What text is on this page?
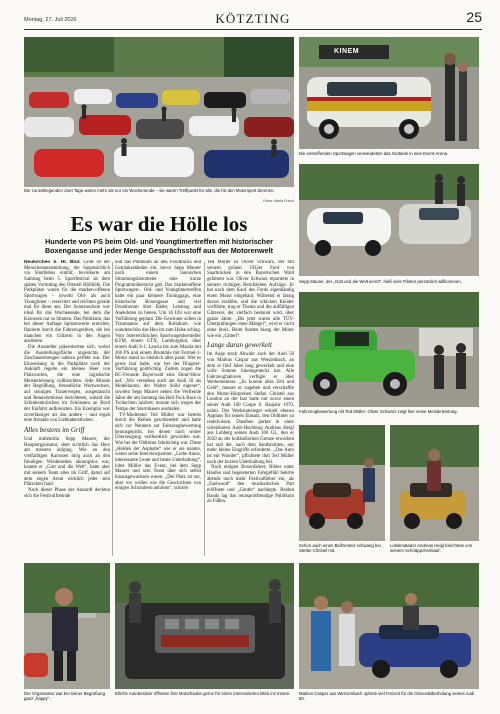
Montag, 27. Juli 2026	KÖTZTING	25
Die zurückliegenden zwei Tage waren mehr als nur ein Wochenende – sie waren Treffpunkt für alle, die für den Motorsport brennen.
Fotos: Maria Frisch
KINEM
Die eintreffenden Sportwagen verwandelten das Gelände in eine Event-Arena.
Sepp Maurer, der „Gott und die Welt kennt“, hieß viele Piloten persönlich willkommen.
Fahrzeugbewertung mit Ted Müller: Oliver Schwarz zeigt hier seine Meisterleistung.
Schon auch einen Beifzenteiz schwang bei Stefan Christel mit.
Lokalmatador Andreas Heigl berichtete von seinem Schnäppchenkauf.
Der Organisator war bei seiner Begrüßung ganz „happy“.
Etliche Autobesitzer öffneten ihre Motorhaube gerne für einen interessierten Blick ins Innere.	Markus Caspar aus Wenzenbach opferte viel Freizeit für die Generalüberholung seines Audi 50.
Es war die Hölle los
Hunderte von PS beim Old- und Youngtimertreffen mit historischer Boxengasse und jeder Menge Gesprächsstoff aus der Motorenwelt

Neukirchen b. Hl. Blut. Groß ist der Menschenansammlung, die hauptsächlich via Shuttlebus einträf, bevölkerte am Samstag beim 5. Sportfestival ab dem späten Vormittag den Ortsteil Höllhöfe. Die Parkplätze waren für die marken-offenen Sportwagen – sowohl Old- als auch Youngtimer – reserviert und reichten gerade mal für diese aus. Der Sonnenschein war ideal für das Wochenende, bei dem die Karossen nur so blitzten. Das Publikum, das bei dieser Auflage Spitzenwerte erreichte, flanierte durch die Fahrzeugreihen, die bei manchen ein Glitzern in den Augen auslösten.

Die Aussteller präsentierten sich, wobei die Ausstellungsfläche angesichts der Zuschauermengen nahezu perfekt war. Der Einweisung in die Parkplätze nach der Ankunft regelte ein kleines Heer von Platzwarten, die eine logistische Meisterleistung vollbrachten. Jede Minute der Begrüßung, freundliche Wortwechsel, auf sonnigen Trauerwegen, ausgetauscht und Rennerlebnisse berichteten, sobald die Schinkenbrötchen im Schönsten an Bord der Einfahrt aufkreuzten. Ein Exemplar war zuverlässiger als das andere – und ergab eine Armada von Liebhaberstücken.

Alles bestens im Griff

Und mittendrin Sepp Maurer, der Hauptorganisator, dem sichtlich das Herz am meisten aufging. Wie an den vielfarbigen Karossen hing auch an den freudigen Wiedersehen ahnungslos war, kannte er „Gott und die Welt“, hatte aber mit seinem Team alles im Griff, damit auf dem engen Areal wirklich jeder sein Plätzchen fand.

Nach dieser Phase der Ankunft deckten sich die Festivalfreunde

und das Publikum an den Foodtrucks und Getränkeständen ein, bevor Sepp Maurer nach einem launischen Stimmungsbarometer eine kurze Programmübersicht gab. Das markenoffene Sportwagen-, Old- und Youngtimertreffen hatte ein paar kleinere Tuninggags, eine historische Boxengasse und viel Drumherum über Räder, Leistung und Anekdoten zu bieten. Um 16 Uhr war eine Vorführung geplant. Die Gewinner sollen in Traumautos auf dem Rollaltare, wie wunderschön das Heu im zum Halse schlug. Vom österreichischen Sportwagenhersteller KTM, einem GTX, Lamborghini, über einem Audi S-1, Lancia bis zum Mazda mit 266 PS und einem Brummle mit Formel-1-Motor stand so ziemlich alles parat. Wer es gerne laut halte, war bei der Dragster-Vorführung goldrichtig. Zudem zogen die BC-Freunde Bayerwald eine Stunt-Show auf. „Wir verstehen auch am Audi 50 als Modellautos, der Walter Stöhl eigener“, sowieto Sepp Maurer neben die Verfrende Jahre der am Sonntag das Rell Fuck Race in Tschechien initiiert; musste sich wegen der Tempo der Sturmhasen ausmalen.

TV-Moderator Ted Müller war bereits durch die Reihen geschlendert und hatte sich vor Nennten zur Fahrzeugbewertung herausgepickt, bei denen nach seiner Überzeugung verdientlich geworden war. Wie bei der Oldtimer fahrtüchtig war. Diese „Helden der Asphalte“ wie er sie nannte, waren seine Interviewpartner. „Liebe Autos, interessante Leute und heute Unterhaltung“, lobte Müller das Event, bei dem Sepp Maurer und sein Team über sich selbst hinausgewachsen waren. „Der Platz ist nur, aber wir wollen uns die Geschichten von einigen Schraubern anhören“, schrieb

Ted Müller zu Oliver Schwarz, der mit seinem grünen 1932er Ford von Saarbrücken in den Bayerischen Wald gefahren war. Oliver Schwarz reparierte in seinem richtigen Berufsleben Aufzüge. Er hat nach dem Kauf des Fords eigenhändig einen Motor eingebaut. Während er lässig davon erzählte, und die schicken Kleider vorführte, trug er Thema und die auffälligen Glitzerei, der vielfach bestaunt wird, über ganze Jahre. „Bis jetzt waren alle TÜV-Überprüfungen ohne Mängel“, wird er nicht ohne Stolz. Beim Starten klang der Motor wie ein „Gitterl“.

Lange daran gewerkelt

Im Auge stach Abwahr auch der Audi 50 von Markus Caspar aus Wenzenbach, an dem er fünf Jahre lang gewerkelt und eine volle Summe hineingesteckt hat. Alle Fahrzeugfaktoren verfügte er über Werkenntnisse. „Es konnte alles Zeit und Geld“, musste er zugeben und verschaffte den Motor-Hörproben Stefan Christel aus London an der Isar hatte nur zuvor einen seiner Audi 100 Coupe S. Baujahr 1970, nahm. Der Werkstattsieger erhielt ebenso Applaus für seinen Einsatz, den Oldtimer zu reaktivieren. Daneben parkte in einer scheinbaren Audi-Hochburg Andreas Heigl aus Lohberg seinen Audi 100 GL, den er 2020 an der holländischen Grenze erworben hat und der, nach dem Sandstrahlen, nur mehr kleine Eingriffe erforderte. „Das Auto ist ein Wunder“, pflichtete ihm Ted Müller nach der kurzen Unterhaltung bei.

Nach einigen Boxenfahrer, Bilder unter Haufen und begeisterten Fahrgefühl bekrite abends noch mehr Festivalfieber ein, als „Eastwood“ den musikalischen Part eröffnete und „Gentle“ nachlegte. Beiden Bands lag das rennsportfreudige Publikum zu Füßen.
